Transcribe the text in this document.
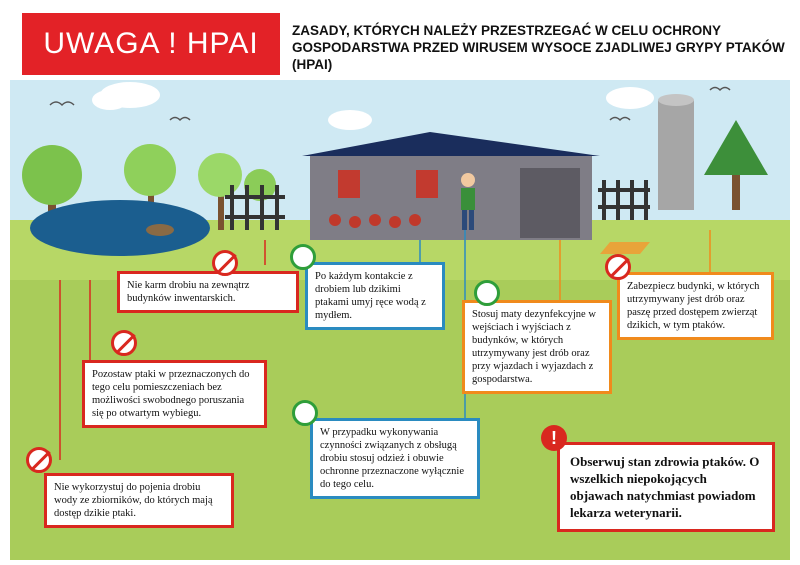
UWAGA ! HPAI ZASADY, KTÓRYCH NALEŻY PRZESTRZEGAĆ W CELU OCHRONY GOSPODARSTWA PRZED WIRUSEM WYSOCE ZJADLIWEJ GRYPY PTAKÓW (HPAI)
Nie karm drobiu na zewnątrz budynków inwentarskich.
Pozostaw ptaki w przeznaczonych do tego celu pomieszczeniach bez możliwości swobodnego poruszania się po otwartym wybiegu.
Nie wykorzystuj do pojenia drobiu wody ze zbiorników, do których mają dostęp dzikie ptaki.
Po każdym kontakcie z drobiem lub dzikimi ptakami umyj ręce wodą z mydłem.
W przypadku wykonywania czynności związanych z obsługą drobiu stosuj odzież i obuwie ochronne przeznaczone wyłącznie do tego celu.
Stosuj maty dezynfekcyjne w wejściach i wyjściach z budynków, w których utrzymywany jest drób oraz przy wjazdach i wyjazdach z gospodarstwa.
Zabezpiecz budynki, w których utrzymywany jest drób oraz paszę przed dostępem zwierząt dzikich, w tym ptaków.
Obserwuj stan zdrowia ptaków. O wszelkich niepokojących objawach natychmiast powiadom lekarza weterynarii.
!
